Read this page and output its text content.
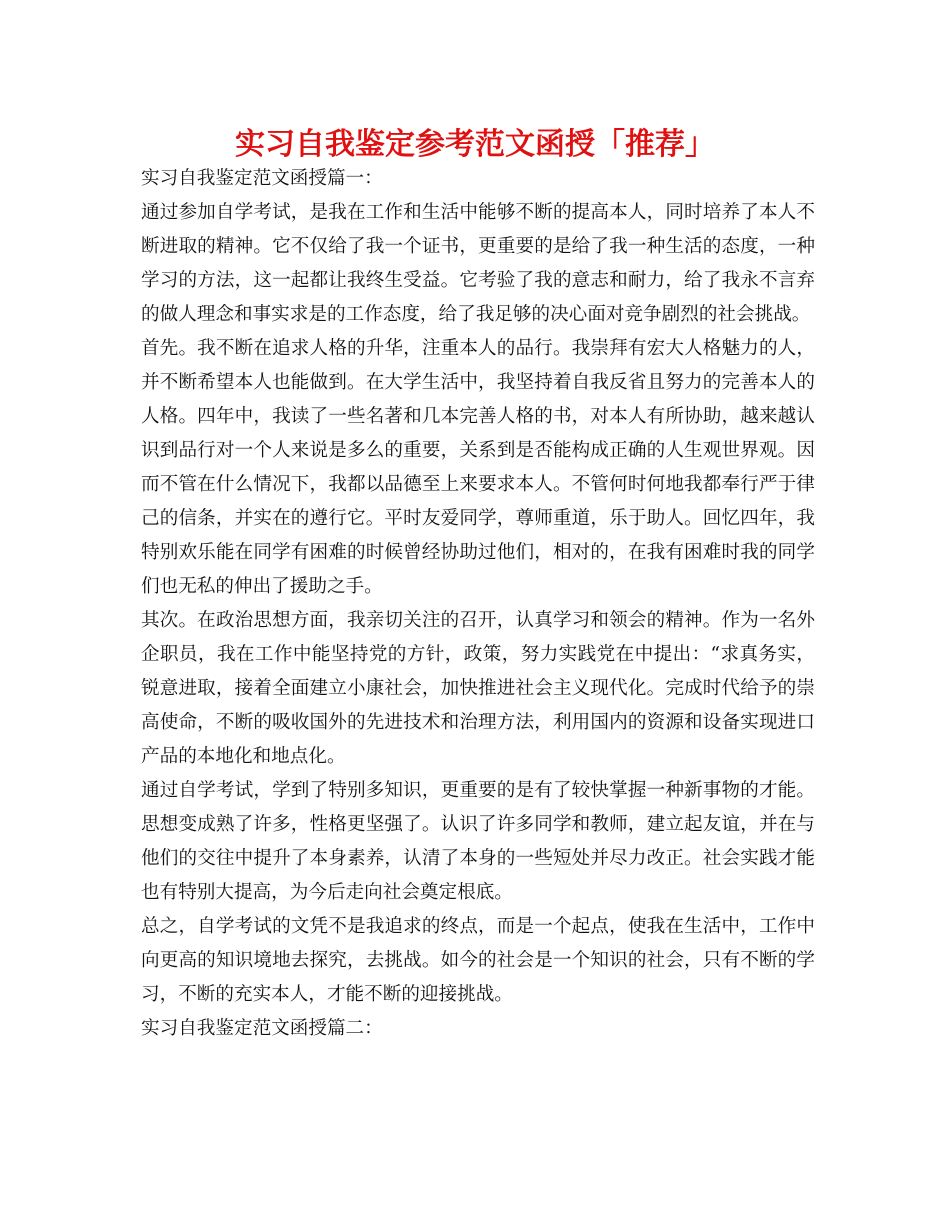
实习自我鉴定参考范文函授「推荐」

实习自我鉴定范文函授篇一：

通过参加自学考试，是我在工作和生活中能够不断的提高本人，同时培养了本人不断进取的精神。它不仅给了我一个证书，更重要的是给了我一种生活的态度，一种学习的方法，这一起都让我终生受益。它考验了我的意志和耐力，给了我永不言弃的做人理念和事实求是的工作态度，给了我足够的决心面对竞争剧烈的社会挑战。

首先。我不断在追求人格的升华，注重本人的品行。我崇拜有宏大人格魅力的人，并不断希望本人也能做到。在大学生活中，我坚持着自我反省且努力的完善本人的人格。四年中，我读了一些名著和几本完善人格的书，对本人有所协助，越来越认识到品行对一个人来说是多么的重要，关系到是否能构成正确的人生观世界观。因而不管在什么情况下，我都以品德至上来要求本人。不管何时何地我都奉行严于律己的信条，并实在的遵行它。平时友爱同学，尊师重道，乐于助人。回忆四年，我特别欢乐能在同学有困难的时候曾经协助过他们，相对的，在我有困难时我的同学们也无私的伸出了援助之手。

其次。在政治思想方面，我亲切关注的召开，认真学习和领会的精神。作为一名外企职员，我在工作中能坚持党的方针，政策，努力实践党在中提出：“求真务实，锐意进取，接着全面建立小康社会，加快推进社会主义现代化。完成时代给予的崇高使命，不断的吸收国外的先进技术和治理方法，利用国内的资源和设备实现进口产品的本地化和地点化。

通过自学考试，学到了特别多知识，更重要的是有了较快掌握一种新事物的才能。思想变成熟了许多，性格更坚强了。认识了许多同学和教师，建立起友谊，并在与他们的交往中提升了本身素养，认清了本身的一些短处并尽力改正。社会实践才能也有特别大提高，为今后走向社会奠定根底。

总之，自学考试的文凭不是我追求的终点，而是一个起点，使我在生活中，工作中向更高的知识境地去探究，去挑战。如今的社会是一个知识的社会，只有不断的学习，不断的充实本人，才能不断的迎接挑战。

实习自我鉴定范文函授篇二：
